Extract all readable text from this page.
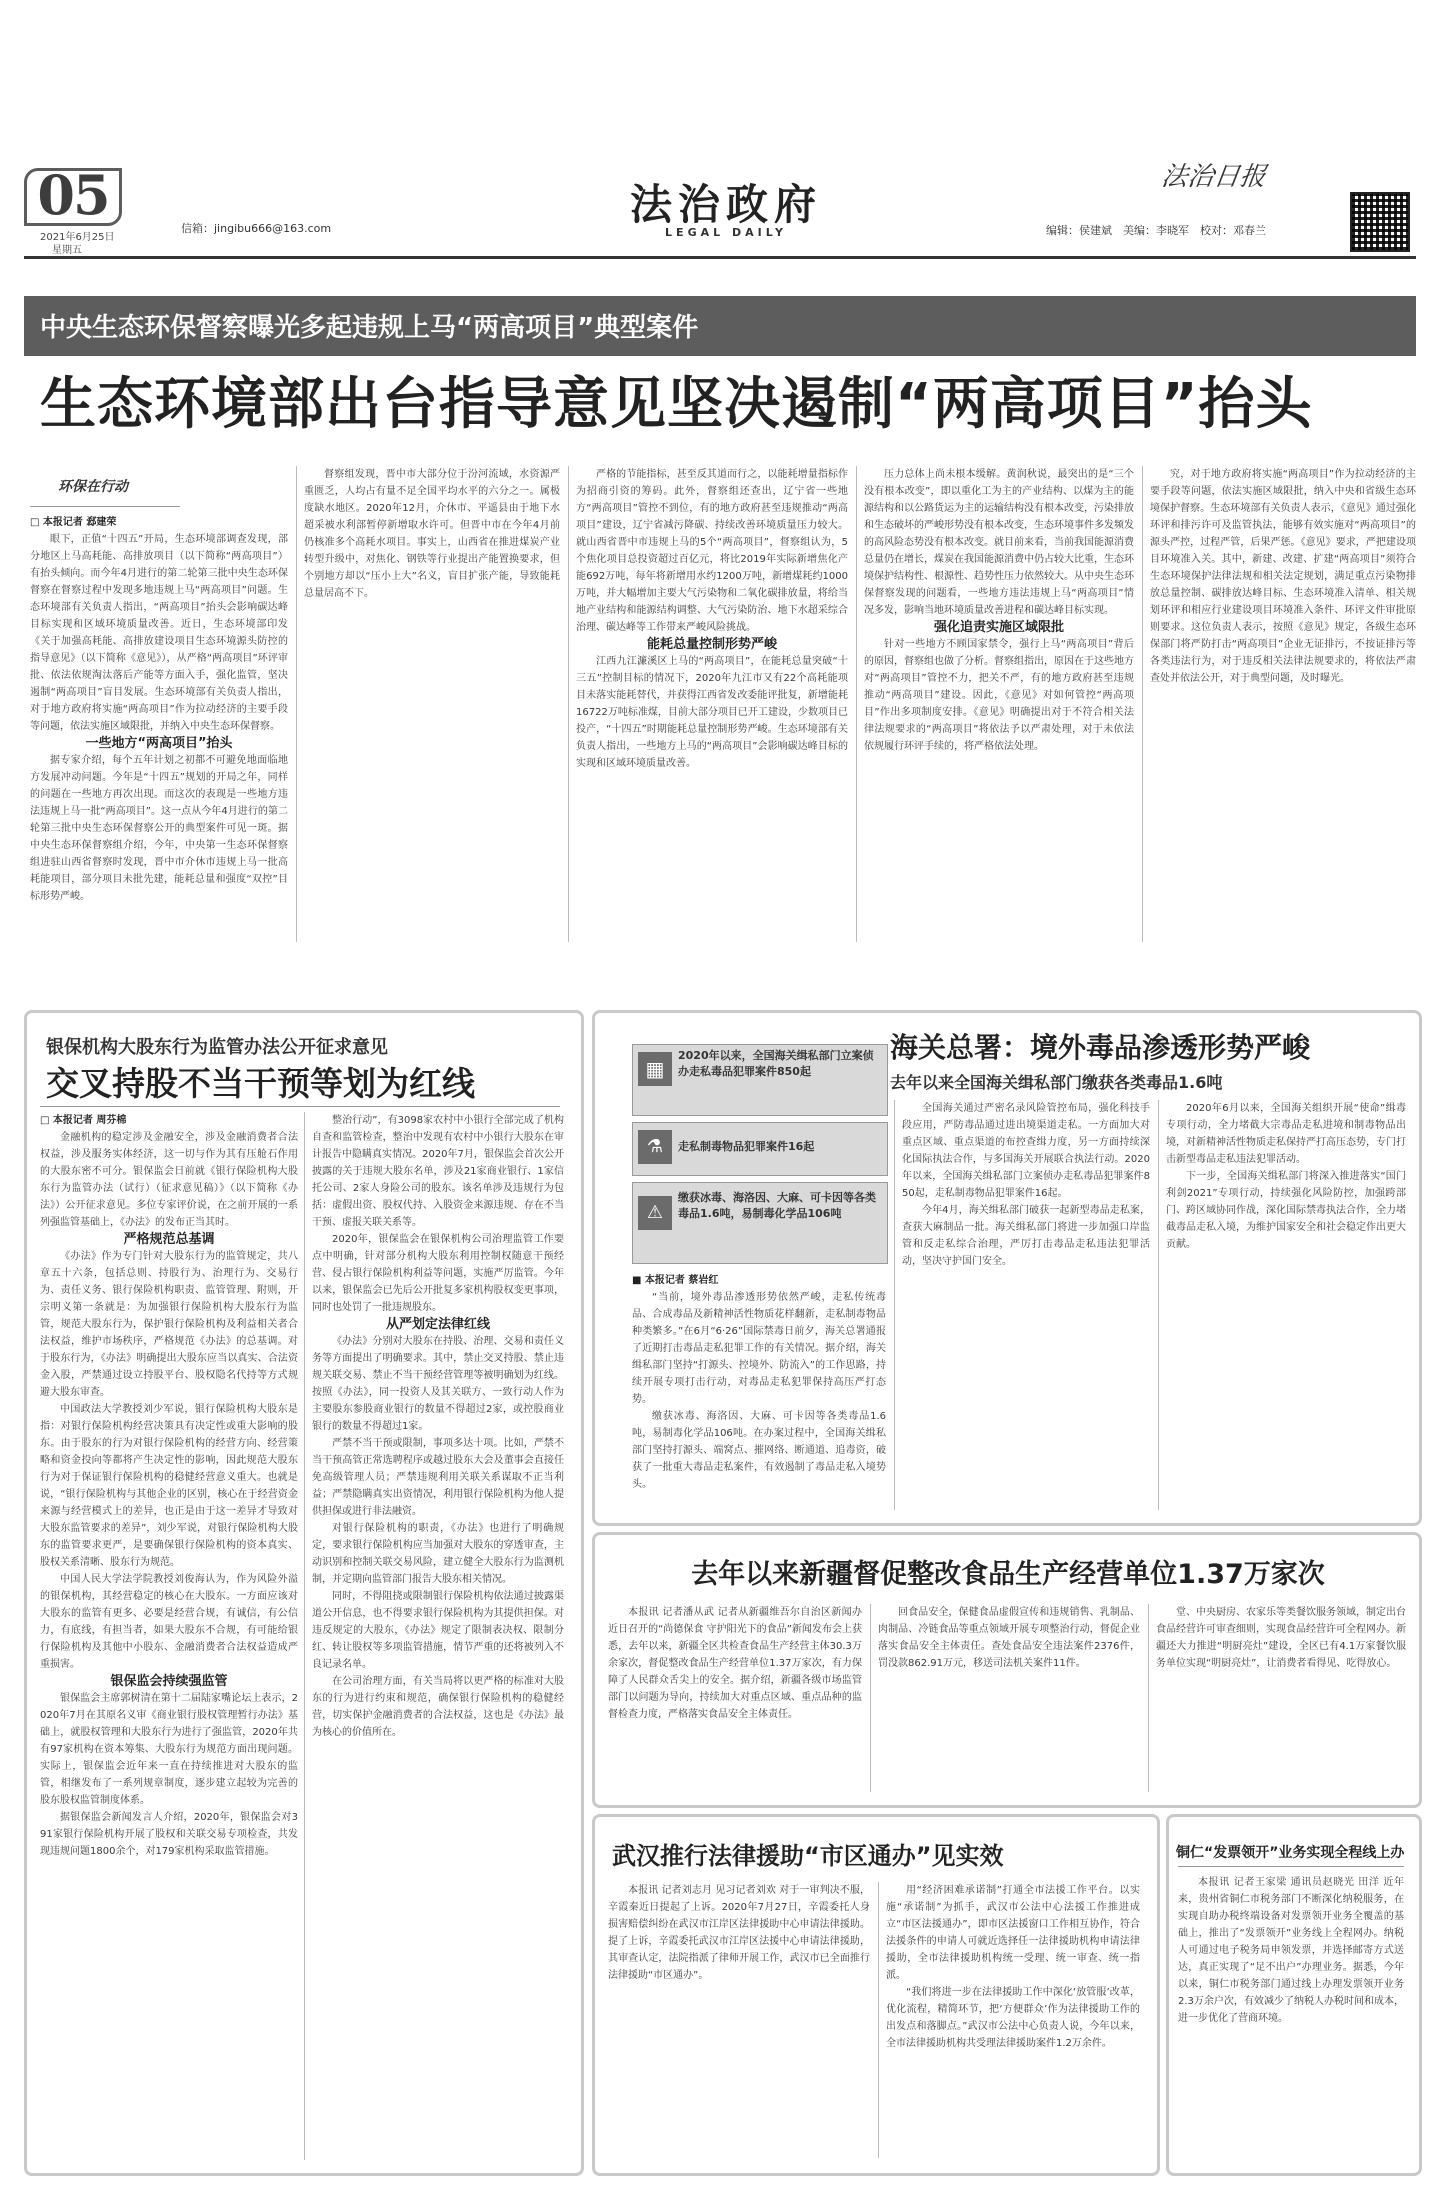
05
2021年6月25日
星期五
信箱：jingibu666@163.com	法治政府
LEGAL DAILY
法治日报
编辑：侯建斌　美编：李晓军　校对：邓春兰
中央生态环保督察曝光多起违规上马“两高项目”典型案件
生态环境部出台指导意见坚决遏制“两高项目”抬头
环保在行动

□ 本报记者 郄建荣

眼下，正值“十四五”开局，生态环境部调查发现，部分地区上马高耗能、高排放项目（以下简称“两高项目”）有抬头倾向。而今年4月进行的第二轮第三批中央生态环保督察在督察过程中发现多地违规上马“两高项目”问题。生态环境部有关负责人指出，“两高项目”抬头会影响碳达峰目标实现和区域环境质量改善。近日，生态环境部印发《关于加强高耗能、高排放建设项目生态环境源头防控的指导意见》（以下简称《意见》），从严格“两高项目”环评审批、依法依规淘汰落后产能等方面入手，强化监管，坚决遏制“两高项目”盲目发展。生态环境部有关负责人指出，对于地方政府将实施“两高项目”作为拉动经济的主要手段等问题，依法实施区域限批，并纳入中央生态环保督察。

一些地方“两高项目”抬头

据专家介绍，每个五年计划之初都不可避免地面临地方发展冲动问题。今年是“十四五”规划的开局之年，同样的问题在一些地方再次出现。而这次的表现是一些地方违法违规上马一批“两高项目”。这一点从今年4月进行的第二轮第三批中央生态环保督察公开的典型案件可见一斑。据中央生态环保督察组介绍，今年，中央第一生态环保督察组进驻山西省督察时发现，晋中市介休市违规上马一批高耗能项目，部分项目未批先建，能耗总量和强度“双控”目标形势严峻。

督察组发现，晋中市大部分位于汾河流域，水资源严重匮乏，人均占有量不足全国平均水平的六分之一。属极度缺水地区。2020年12月，介休市、平遥县由于地下水超采被水利部暂停新增取水许可。但晋中市在今年4月前仍核准多个高耗水项目。事实上，山西省在推进煤炭产业转型升级中，对焦化、钢铁等行业提出产能置换要求，但个别地方却以“压小上大”名义，盲目扩张产能，导致能耗总量居高不下。

严格的节能指标，甚至反其道而行之，以能耗增量指标作为招商引资的筹码。此外，督察组还查出，辽宁省一些地方“两高项目”管控不到位，有的地方政府甚至违规推动“两高项目”建设，辽宁省减污降碳、持续改善环境质量压力较大。就山西省晋中市违规上马的5个“两高项目”，督察组认为，5个焦化项目总投资超过百亿元，将比2019年实际新增焦化产能692万吨，每年将新增用水约1200万吨，新增煤耗约1000万吨，并大幅增加主要大气污染物和二氧化碳排放量，将给当地产业结构和能源结构调整、大气污染防治、地下水超采综合治理、碳达峰等工作带来严峻风险挑战。

能耗总量控制形势严峻

江西九江濂溪区上马的“两高项目”，在能耗总量突破“十三五”控制目标的情况下，2020年九江市又有22个高耗能项目未落实能耗替代，并获得江西省发改委能评批复，新增能耗16722万吨标准煤，目前大部分项目已开工建设，少数项目已投产，“十四五”时期能耗总量控制形势严峻。生态环境部有关负责人指出，一些地方上马的“两高项目”会影响碳达峰目标的实现和区域环境质量改善。

压力总体上尚未根本缓解。黄润秋说，最突出的是“三个没有根本改变”，即以重化工为主的产业结构、以煤为主的能源结构和以公路货运为主的运输结构没有根本改变，污染排放和生态破坏的严峻形势没有根本改变，生态环境事件多发频发的高风险态势没有根本改变。就目前来看，当前我国能源消费总量仍在增长，煤炭在我国能源消费中仍占较大比重，生态环境保护结构性、根源性、趋势性压力依然较大。从中央生态环保督察发现的问题看，一些地方违法违规上马“两高项目”情况多发，影响当地环境质量改善进程和碳达峰目标实现。

强化追责实施区域限批

针对一些地方不顾国家禁令，强行上马“两高项目”背后的原因，督察组也做了分析。督察组指出，原因在于这些地方对“两高项目”管控不力，把关不严，有的地方政府甚至违规推动“两高项目”建设。因此，《意见》对如何管控“两高项目”作出多项制度安排。《意见》明确提出对于不符合相关法律法规要求的“两高项目”将依法予以严肃处理，对于未依法依规履行环评手续的，将严格依法处理。

究，对于地方政府将实施“两高项目”作为拉动经济的主要手段等问题，依法实施区域限批，纳入中央和省级生态环境保护督察。生态环境部有关负责人表示，《意见》通过强化环评和排污许可及监管执法，能够有效实施对“两高项目”的源头严控，过程严管，后果严惩。《意见》要求，严把建设项目环境准入关。其中，新建、改建、扩建“两高项目”须符合生态环境保护法律法规和相关法定规划，满足重点污染物排放总量控制、碳排放达峰目标、生态环境准入清单、相关规划环评和相应行业建设项目环境准入条件、环评文件审批原则要求。这位负责人表示，按照《意见》规定，各级生态环保部门将严防打击“两高项目”企业无证排污，不按证排污等各类违法行为，对于违反相关法律法规要求的，将依法严肃查处并依法公开，对于典型问题，及时曝光。

银保机构大股东行为监管办法公开征求意见
交叉持股不当干预等划为红线

□ 本报记者 周芬棉

金融机构的稳定涉及金融安全，涉及金融消费者合法权益，涉及服务实体经济，这一切与作为其有压舱石作用的大股东密不可分。银保监会日前就《银行保险机构大股东行为监管办法（试行）（征求意见稿）》（以下简称《办法》）公开征求意见。多位专家评价说，在之前开展的一系列强监管基础上，《办法》的发布正当其时。

严格规范总基调

《办法》作为专门针对大股东行为的监管规定，共八章五十六条，包括总则、持股行为、治理行为、交易行为、责任义务、银行保险机构职责、监管管理、附则，开宗明义第一条就是：为加强银行保险机构大股东行为监管，规范大股东行为，保护银行保险机构及利益相关者合法权益，维护市场秩序，严格规范《办法》的总基调。对于股东行为，《办法》明确提出大股东应当以真实、合法资金入股，严禁通过设立持股平台、股权隐名代持等方式规避大股东审查。

中国政法大学教授刘少军说，银行保险机构大股东是指：对银行保险机构经营决策具有决定性或重大影响的股东。由于股东的行为对银行保险机构的经营方向、经营策略和资金投向等都将产生决定性的影响，因此规范大股东行为对于保证银行保险机构的稳健经营意义重大。也就是说，“银行保险机构与其他企业的区别，核心在于经营资金来源与经营模式上的差异，也正是由于这一差异才导致对大股东监管要求的差异”，刘少军说，对银行保险机构大股东的监管要求更严，是要确保银行保险机构的资本真实、股权关系清晰、股东行为规范。

中国人民大学法学院教授刘俊海认为，作为风险外溢的银保机构，其经营稳定的核心在大股东。一方面应该对大股东的监管有更多、必要是经营合规，有诚信，有公信力，有底线，有担当者，如果大股东不合规，有可能给银行保险机构及其他中小股东、金融消费者合法权益造成严重损害。

银保监会持续强监管

银保监会主席郭树清在第十二届陆家嘴论坛上表示，2020年7月在其原名义审《商业银行股权管理暂行办法》基础上，就股权管理和大股东行为进行了强监管，2020年共有97家机构在资本筹集、大股东行为规范方面出现问题。实际上，银保监会近年来一直在持续推进对大股东的监管，相继发布了一系列规章制度，逐步建立起较为完善的股东股权监管制度体系。

据银保监会新闻发言人介绍，2020年，银保监会对391家银行保险机构开展了股权和关联交易专项检查，共发现违规问题1800余个，对179家机构采取监管措施。

整治行动”，有3098家农村中小银行全部完成了机构自查和监管检查，整治中发现有农村中小银行大股东在审计报告中隐瞒真实情况。2020年7月，银保监会首次公开披露的关于违规大股东名单，涉及21家商业银行、1家信托公司、2家人身险公司的股东。该名单涉及违规行为包括：虚假出资、股权代持、入股资金来源违规、存在不当干预、虚报关联关系等。

2020年，银保监会在银保机构公司治理监管工作要点中明确，针对部分机构大股东利用控制权随意干预经营、侵占银行保险机构利益等问题，实施严厉监管。今年以来，银保监会已先后公开批复多家机构股权变更事项，同时也处罚了一批违规股东。

从严划定法律红线

《办法》分别对大股东在持股、治理、交易和责任义务等方面提出了明确要求。其中，禁止交叉持股、禁止违规关联交易、禁止不当干预经营管理等被明确划为红线。按照《办法》，同一投资人及其关联方、一致行动人作为主要股东参股商业银行的数量不得超过2家，或控股商业银行的数量不得超过1家。

严禁不当干预或限制，事项多达十项。比如，严禁不当干预高管正常选聘程序或越过股东大会及董事会直接任免高级管理人员；严禁违规利用关联关系谋取不正当利益；严禁隐瞒真实出资情况，利用银行保险机构为他人提供担保或进行非法融资。

对银行保险机构的职责，《办法》也进行了明确规定，要求银行保险机构应当加强对大股东的穿透审查，主动识别和控制关联交易风险，建立健全大股东行为监测机制，并定期向监管部门报告大股东相关情况。

同时，不得阻挠或限制银行保险机构依法通过披露渠道公开信息，也不得要求银行保险机构为其提供担保。对违反规定的大股东，《办法》规定了限制表决权、限制分红、转让股权等多项监管措施，情节严重的还将被列入不良记录名单。

在公司治理方面，有关当局将以更严格的标准对大股东的行为进行约束和规范，确保银行保险机构的稳健经营，切实保护金融消费者的合法权益，这也是《办法》最为核心的价值所在。

▦
2020年以来，全国海关缉私部门立案侦办走私毒品犯罪案件850起
⚗	走私制毒物品犯罪案件16起
⚠
缴获冰毒、海洛因、大麻、可卡因等各类毒品1.6吨，易制毒化学品106吨
海关总署：境外毒品渗透形势严峻
去年以来全国海关缉私部门缴获各类毒品1.6吨

■ 本报记者 蔡岩红

“当前，境外毒品渗透形势依然严峻，走私传统毒品、合成毒品及新精神活性物质花样翻新，走私制毒物品种类繁多。”在6月“6·26”国际禁毒日前夕，海关总署通报了近期打击毒品走私犯罪工作的有关情况。据介绍，海关缉私部门坚持“打源头、控境外、防流入”的工作思路，持续开展专项打击行动，对毒品走私犯罪保持高压严打态势。

缴获冰毒、海洛因、大麻、可卡因等各类毒品1.6吨，易制毒化学品106吨。在办案过程中，全国海关缉私部门坚持打源头、端窝点、摧网络、断通道、追毒资，破获了一批重大毒品走私案件，有效遏制了毒品走私入境势头。

全国海关通过严密名录风险管控布局，强化科技手段应用，严防毒品通过进出境渠道走私。一方面加大对重点区域、重点渠道的布控查缉力度，另一方面持续深化国际执法合作，与多国海关开展联合执法行动。2020年以来，全国海关缉私部门立案侦办走私毒品犯罪案件850起，走私制毒物品犯罪案件16起。

今年4月，海关缉私部门破获一起新型毒品走私案，查获大麻制品一批。海关缉私部门将进一步加强口岸监管和反走私综合治理，严厉打击毒品走私违法犯罪活动，坚决守护国门安全。

2020年6月以来，全国海关组织开展“使命”缉毒专项行动，全力堵截大宗毒品走私进境和制毒物品出境，对新精神活性物质走私保持严打高压态势，专门打击新型毒品走私违法犯罪活动。

下一步，全国海关缉私部门将深入推进落实“国门利剑2021”专项行动，持续强化风险防控，加强跨部门、跨区域协同作战，深化国际禁毒执法合作，全力堵截毒品走私入境，为维护国家安全和社会稳定作出更大贡献。

去年以来新疆督促整改食品生产经营单位1.37万家次

本报讯 记者潘从武 记者从新疆维吾尔自治区新闻办近日召开的“尚德保食 守护阳光下的食品”新闻发布会上获悉，去年以来，新疆全区共检查食品生产经营主体30.3万余家次，督促整改食品生产经营单位1.37万家次，有力保障了人民群众舌尖上的安全。据介绍，新疆各级市场监管部门以问题为导向，持续加大对重点区域、重点品种的监督检查力度，严格落实食品安全主体责任。

回食品安全，保健食品虚假宣传和违规销售、乳制品、肉制品、冷链食品等重点领域开展专项整治行动，督促企业落实食品安全主体责任。查处食品安全违法案件2376件，罚没款862.91万元，移送司法机关案件11件。

堂、中央厨房、农家乐等类餐饮服务领域，制定出台食品经营许可审查细则，实现食品经营许可全程网办。新疆还大力推进“明厨亮灶”建设，全区已有4.1万家餐饮服务单位实现“明厨亮灶”，让消费者看得见、吃得放心。

武汉推行法律援助“市区通办”见实效

本报讯 记者刘志月 见习记者刘欢 对于一审判决不服，辛霞秦近日提起了上诉。2020年7月27日，辛霞委托人身损害赔偿纠纷在武汉市江岸区法律援助中心申请法律援助。提了上诉，辛霞委托武汉市江岸区法援中心申请法律援助，其审查认定，法院指派了律师开展工作，武汉市已全面推行法律援助“市区通办”。

用“经济困难承诺制”打通全市法援工作平台。以实施“承诺制”为抓手，武汉市公法中心法援工作推进成立“市区法援通办”，即市区法援窗口工作相互协作，符合法援条件的申请人可就近选择任一法律援助机构申请法律援助，全市法律援助机构统一受理、统一审查、统一指派。

“我们将进一步在法律援助工作中深化‘放管服’改革，优化流程，精简环节，把‘方便群众’作为法律援助工作的出发点和落脚点。”武汉市公法中心负责人说，今年以来，全市法律援助机构共受理法律援助案件1.2万余件。

铜仁“发票领开”业务实现全程线上办

本报讯 记者王家梁 通讯员赵晓光 田洋 近年来，贵州省铜仁市税务部门不断深化纳税服务，在实现自助办税终端设备对发票领开业务全覆盖的基础上，推出了“发票领开”业务线上全程网办。纳税人可通过电子税务局申领发票，并选择邮寄方式送达，真正实现了“足不出户”办理业务。据悉，今年以来，铜仁市税务部门通过线上办理发票领开业务2.3万余户次，有效减少了纳税人办税时间和成本，进一步优化了营商环境。
